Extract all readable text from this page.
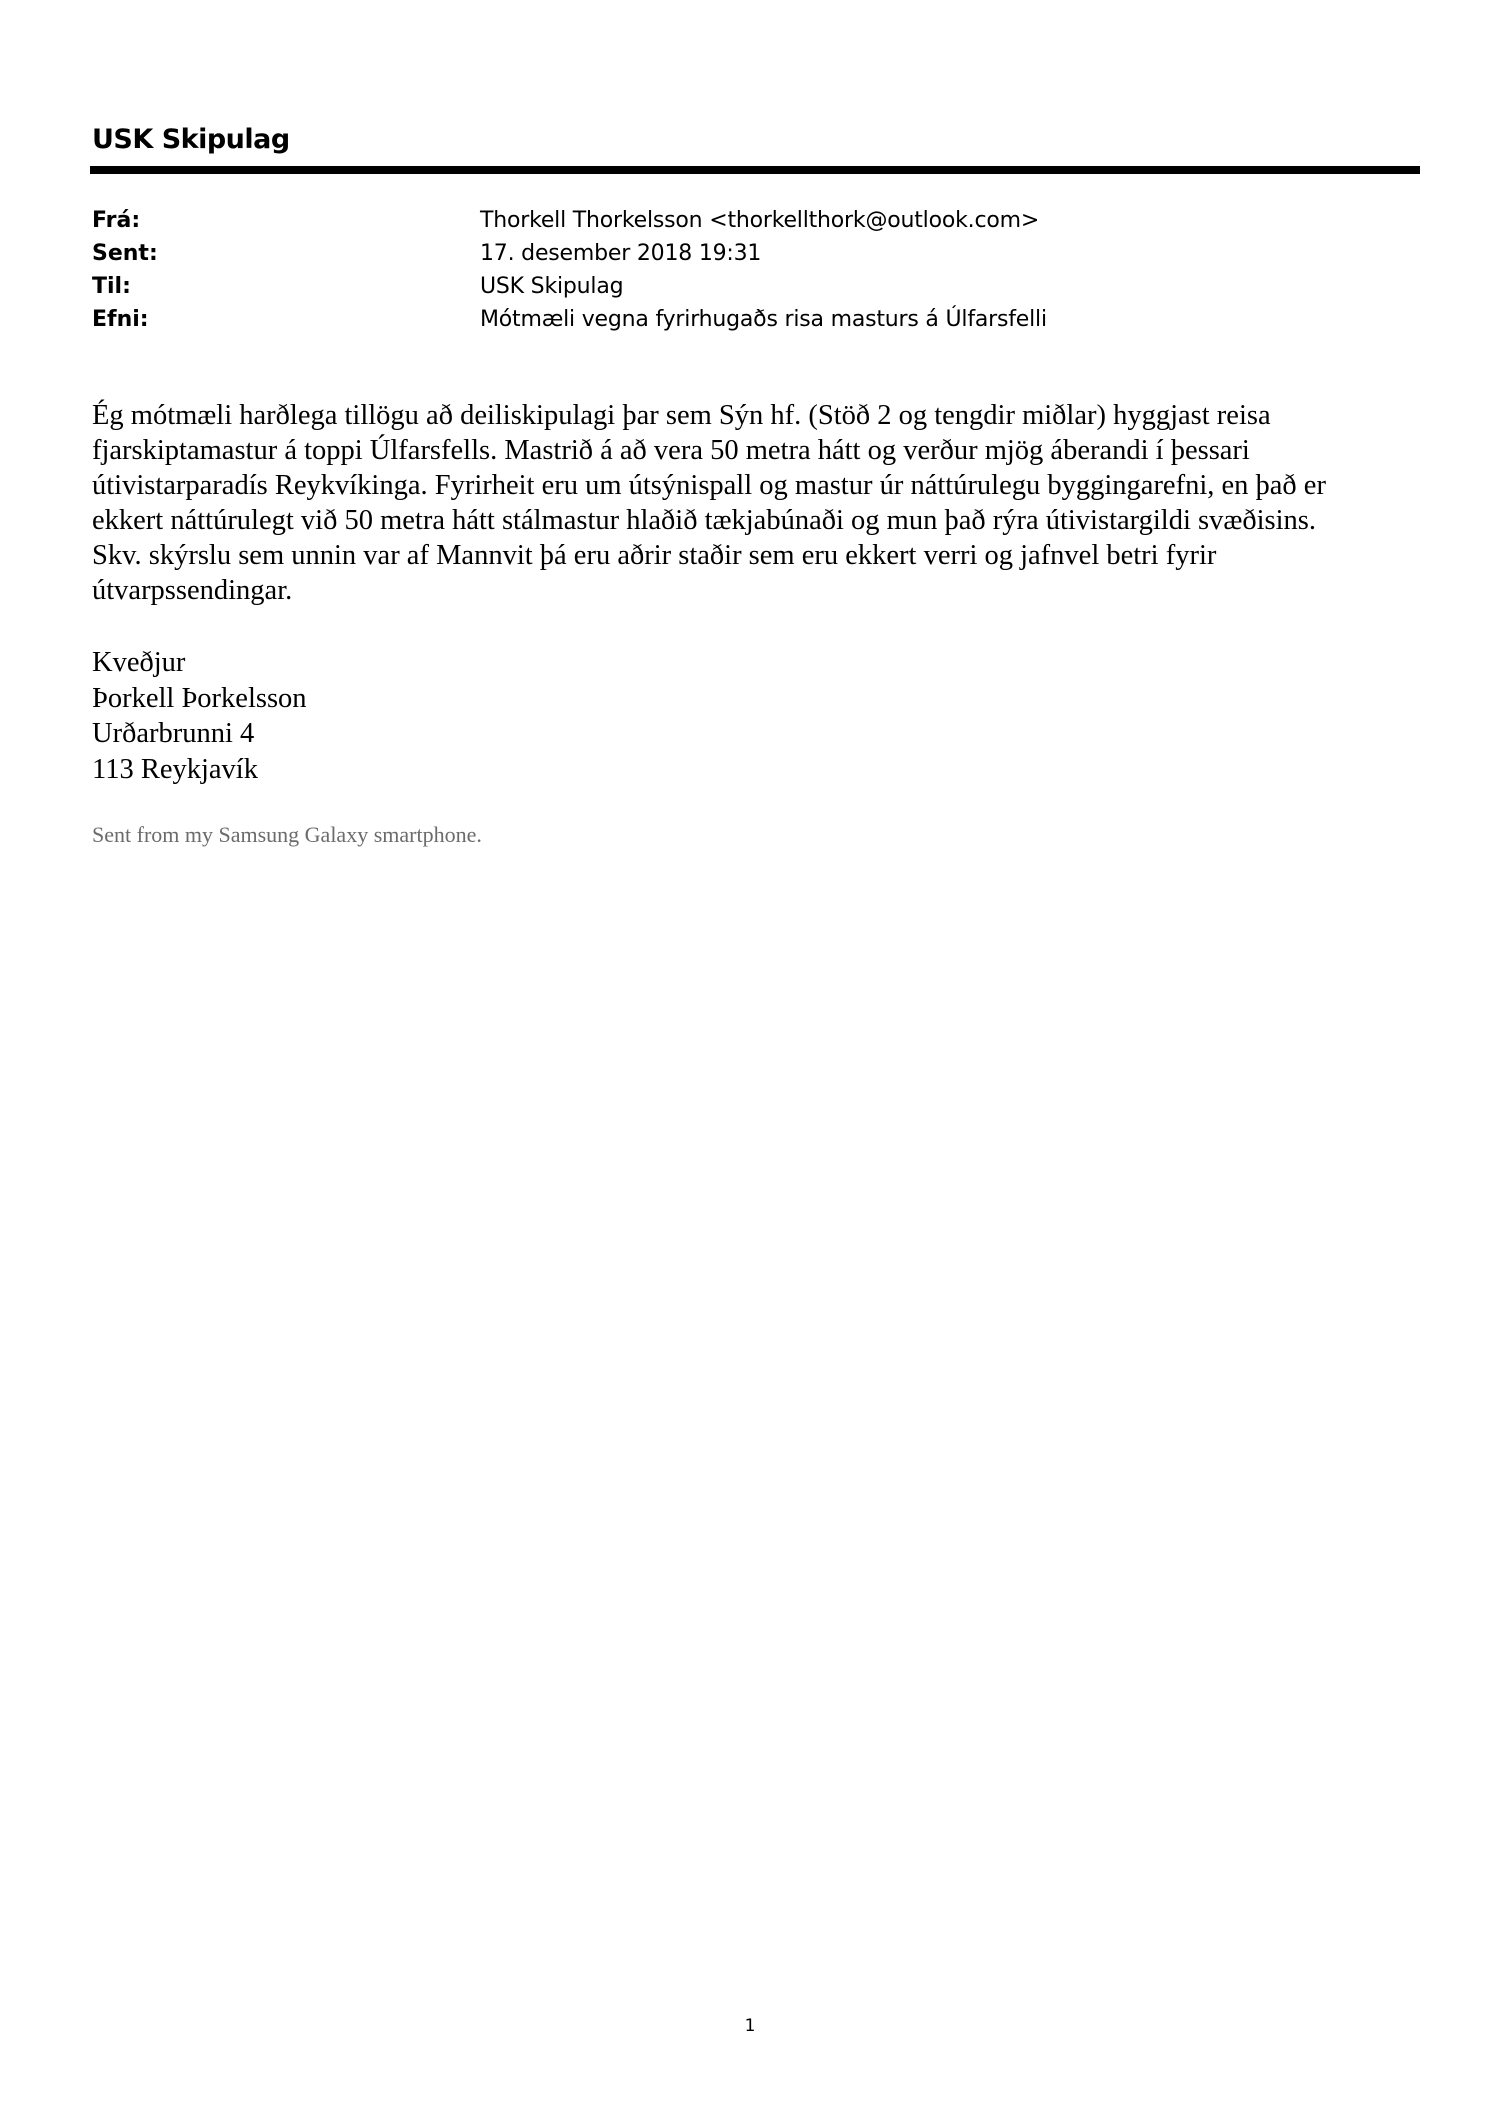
USK Skipulag
Frá:	Thorkell Thorkelsson <thorkellthork@outlook.com>
Sent:	17. desember 2018 19:31
Til:	USK Skipulag
Efni:	Mótmæli vegna fyrirhugaðs risa masturs á Úlfarsfelli
Ég mótmæli harðlega tillögu að deiliskipulagi þar sem Sýn hf. (Stöð 2 og tengdir miðlar) hyggjast reisa
fjarskiptamastur á toppi Úlfarsfells. Mastrið á að vera 50 metra hátt og verður mjög áberandi í þessari
útivistarparadís Reykvíkinga. Fyrirheit eru um útsýnispall og mastur úr náttúrulegu byggingarefni, en það er
ekkert náttúrulegt við 50 metra hátt stálmastur hlaðið tækjabúnaði og mun það rýra útivistargildi svæðisins.
Skv. skýrslu sem unnin var af Mannvit þá eru aðrir staðir sem eru ekkert verri og jafnvel betri fyrir
útvarpssendingar.
Kveðjur
Þorkell Þorkelsson
Urðarbrunni 4
113 Reykjavík
Sent from my Samsung Galaxy smartphone.
1
